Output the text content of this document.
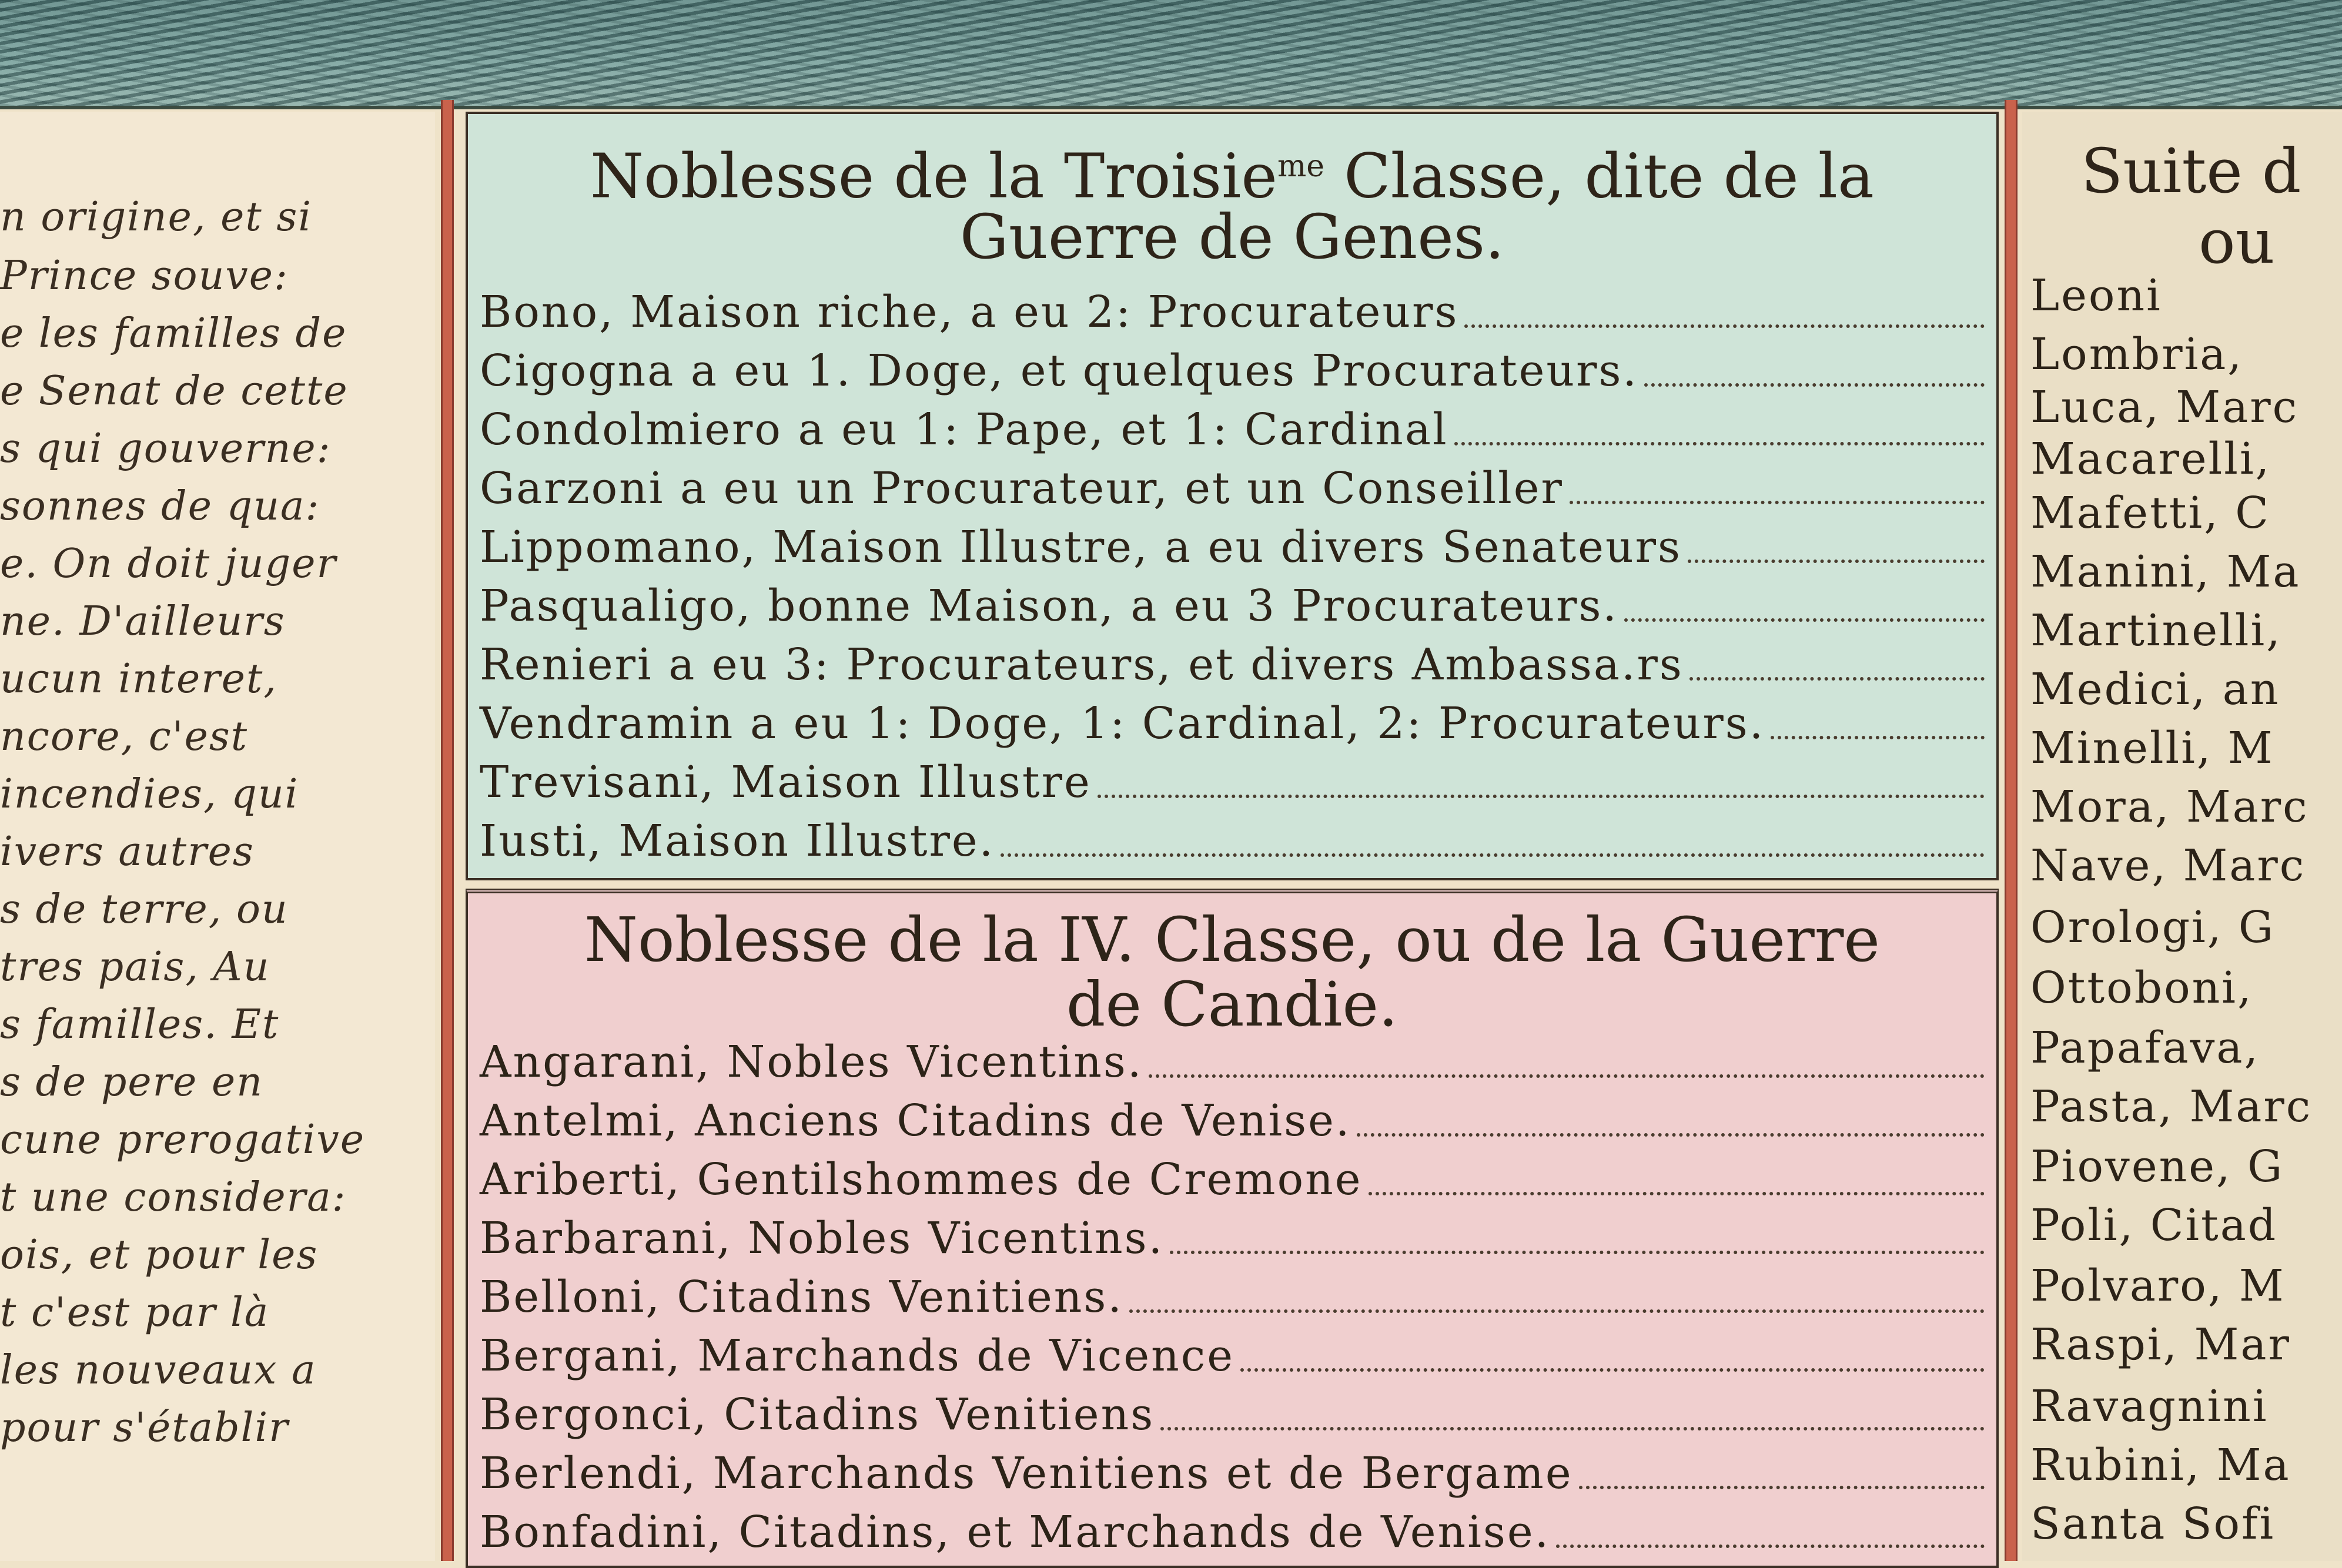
n origine, et si
Prince souve:
e les familles de
e Senat de cette
s qui gouverne:
sonnes de qua:
e. On doit juger
ne. D'ailleurs
ucun interet,
ncore, c'est
incendies, qui
ivers autres
s de terre, ou
tres pais, Au
s familles. Et
s de pere en
cune prerogative
t une considera:
ois, et pour les
t c'est par là
les nouveaux a
pour s'établir
Noblesse de la Troisie$^{me}$ Classe, dite de la
Guerre de Genes.
Bono, Maison riche, a eu 2: Procurateurs
Cigogna a eu 1. Doge, et quelques Procurateurs.
Condolmiero a eu 1: Pape, et 1: Cardinal
Garzoni a eu un Procurateur, et un Conseiller
Lippomano, Maison Illustre, a eu divers Senateurs
Pasqualigo, bonne Maison, a eu 3 Procurateurs.
Renieri a eu 3: Procurateurs, et divers Ambassa.rs
Vendramin a eu 1: Doge, 1: Cardinal, 2: Procurateurs.
Trevisani, Maison Illustre
Iusti, Maison Illustre.
Noblesse de la IV. Classe, ou de la Guerre
de Candie.
Angarani, Nobles Vicentins.
Antelmi, Anciens Citadins de Venise.
Ariberti, Gentilshommes de Cremone
Barbarani, Nobles Vicentins.
Belloni, Citadins Venitiens.
Bergani, Marchands de Vicence
Bergonci, Citadins Venitiens
Berlendi, Marchands Venitiens et de Bergame
Bonfadini, Citadins, et Marchands de Venise.
Suite d
ou
Leoni
Lombria,
Luca, Marc
Macarelli,
Mafetti, C
Manini, Ma
Martinelli,
Medici, an
Minelli, M
Mora, Marc
Nave, Marc
Orologi, G
Ottoboni,
Papafava,
Pasta, Marc
Piovene, G
Poli, Citad
Polvaro, M
Raspi, Mar
Ravagnini
Rubini, Ma
Santa Sofi
